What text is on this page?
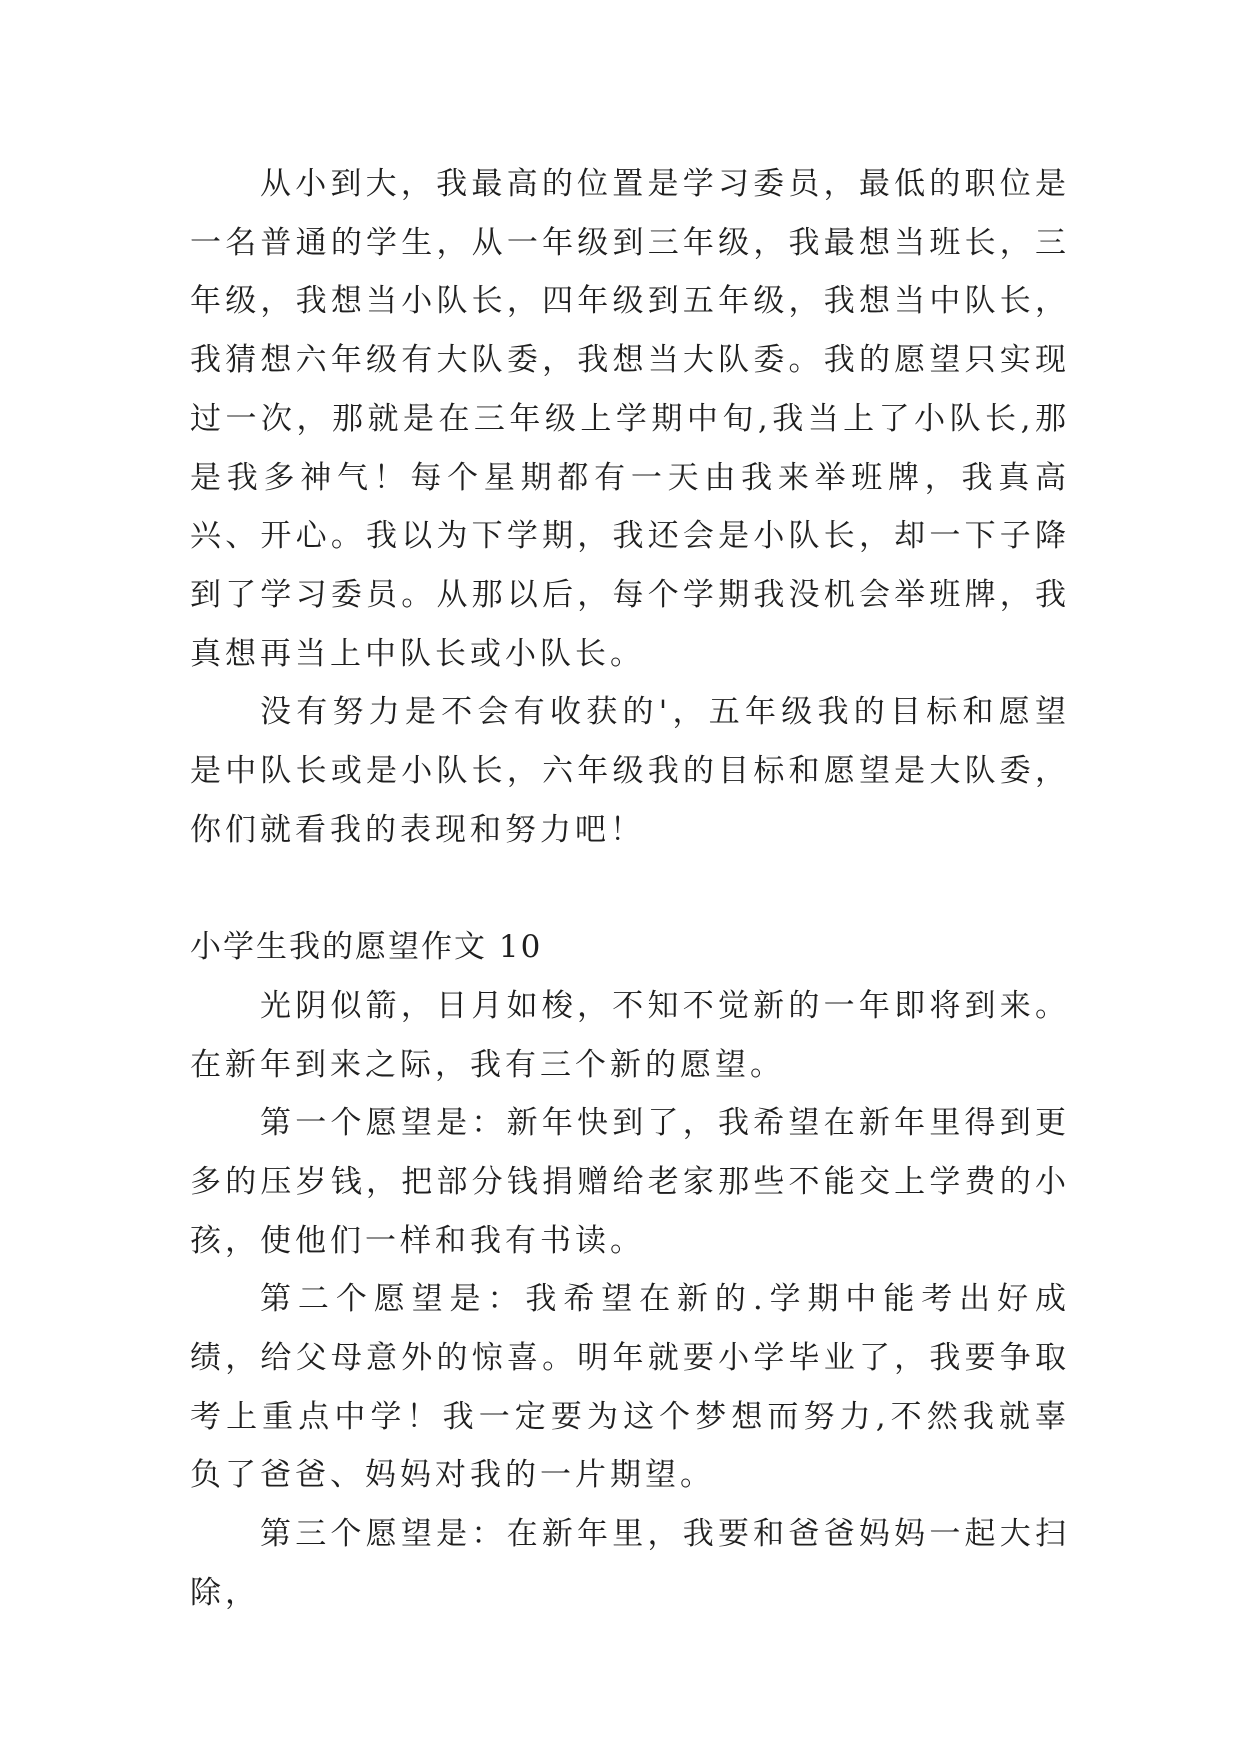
从小到大，我最高的位置是学习委员，最低的职位是一名普通的学生，从一年级到三年级，我最想当班长，三年级，我想当小队长，四年级到五年级，我想当中队长，我猜想六年级有大队委，我想当大队委。我的愿望只实现过一次，那就是在三年级上学期中旬,我当上了小队长,那是我多神气！每个星期都有一天由我来举班牌，我真高兴、开心。我以为下学期，我还会是小队长，却一下子降到了学习委员。从那以后，每个学期我没机会举班牌，我真想再当上中队长或小队长。

没有努力是不会有收获的'，五年级我的目标和愿望是中队长或是小队长，六年级我的目标和愿望是大队委，你们就看我的表现和努力吧！

小学生我的愿望作文 10

光阴似箭，日月如梭，不知不觉新的一年即将到来。在新年到来之际，我有三个新的愿望。

第一个愿望是：新年快到了，我希望在新年里得到更多的压岁钱，把部分钱捐赠给老家那些不能交上学费的小孩，使他们一样和我有书读。

第二个愿望是：我希望在新的.学期中能考出好成绩，给父母意外的惊喜。明年就要小学毕业了，我要争取考上重点中学！我一定要为这个梦想而努力,不然我就辜负了爸爸、妈妈对我的一片期望。

第三个愿望是：在新年里，我要和爸爸妈妈一起大扫除，
